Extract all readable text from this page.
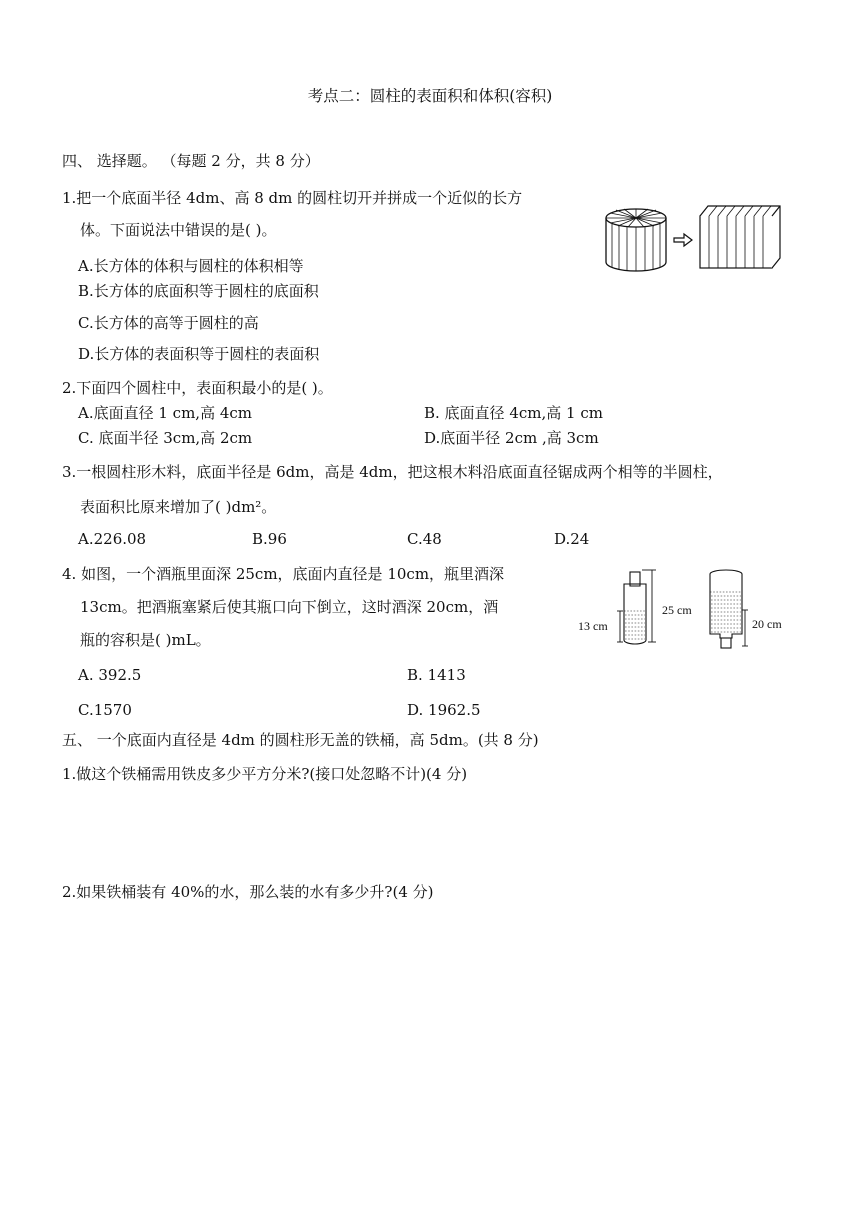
考点二：圆柱的表面积和体积(容积)
四、 选择题。 （每题 2 分，共 8 分）
1.把一个底面半径 4dm、高 8 dm 的圆柱切开并拼成一个近似的长方
体。下面说法中错误的是( )。
A.长方体的体积与圆柱的体积相等
B.长方体的底面积等于圆柱的底面积
C.长方体的高等于圆柱的高
D.长方体的表面积等于圆柱的表面积
2.下面四个圆柱中，表面积最小的是( )。
A.底面直径 1 cm,高 4cm	B. 底面直径 4cm,高 1 cm
C. 底面半径 3cm,高 2cm	D.底面半径 2cm ,高 3cm
3.一根圆柱形木料，底面半径是 6dm，高是 4dm，把这根木料沿底面直径锯成两个相等的半圆柱，
表面积比原来增加了( )dm²。
A.226.08	B.96	C.48	D.24
4. 如图，一个酒瓶里面深 25cm，底面内直径是 10cm，瓶里酒深
13cm。把酒瓶塞紧后使其瓶口向下倒立，这时酒深 20cm，酒
瓶的容积是( )mL。
A. 392.5	B. 1413
C.1570	D. 1962.5
13 cm
25 cm
20 cm
五、 一个底面内直径是 4dm 的圆柱形无盖的铁桶，高 5dm。(共 8 分)
1.做这个铁桶需用铁皮多少平方分米?(接口处忽略不计)(4 分)
2.如果铁桶装有 40%的水，那么装的水有多少升?(4 分)
